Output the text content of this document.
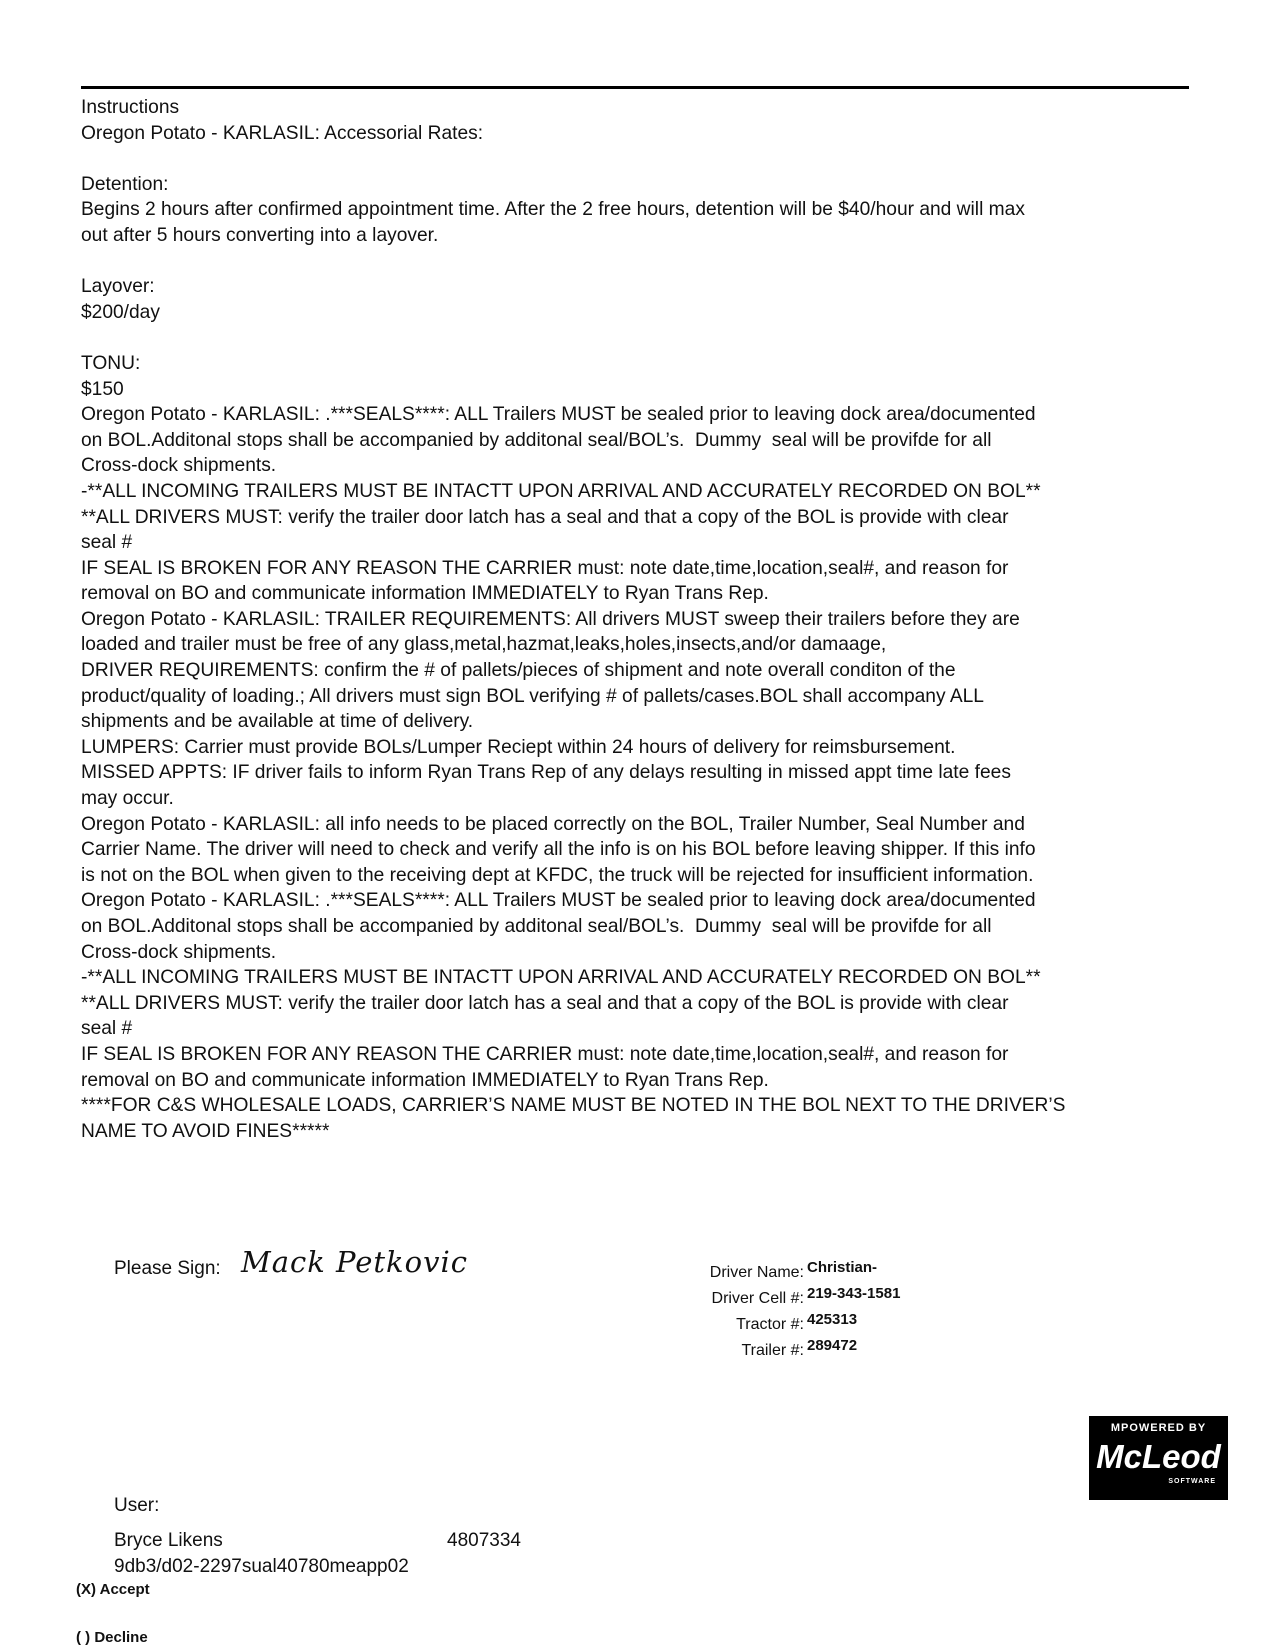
Instructions
Oregon Potato - KARLASIL: Accessorial Rates:
Detention:
Begins 2 hours after confirmed appointment time. After the 2 free hours, detention will be $40/hour and will max
out after 5 hours converting into a layover.
Layover:
$200/day
TONU:
$150
Oregon Potato - KARLASIL: .***SEALS****: ALL Trailers MUST be sealed prior to leaving dock area/documented
on BOL.Additonal stops shall be accompanied by additonal seal/BOL’s.  Dummy  seal will be provifde for all
Cross-dock shipments.
-**ALL INCOMING TRAILERS MUST BE INTACTT UPON ARRIVAL AND ACCURATELY RECORDED ON BOL**
**ALL DRIVERS MUST: verify the trailer door latch has a seal and that a copy of the BOL is provide with clear
seal #
IF SEAL IS BROKEN FOR ANY REASON THE CARRIER must: note date,time,location,seal#, and reason for
removal on BO and communicate information IMMEDIATELY to Ryan Trans Rep.
Oregon Potato - KARLASIL: TRAILER REQUIREMENTS: All drivers MUST sweep their trailers before they are
loaded and trailer must be free of any glass,metal,hazmat,leaks,holes,insects,and/or damaage,
DRIVER REQUIREMENTS: confirm the # of pallets/pieces of shipment and note overall conditon of the
product/quality of loading.; All drivers must sign BOL verifying # of pallets/cases.BOL shall accompany ALL
shipments and be available at time of delivery.
LUMPERS: Carrier must provide BOLs/Lumper Reciept within 24 hours of delivery for reimsbursement.
MISSED APPTS: IF driver fails to inform Ryan Trans Rep of any delays resulting in missed appt time late fees
may occur.
Oregon Potato - KARLASIL: all info needs to be placed correctly on the BOL, Trailer Number, Seal Number and
Carrier Name. The driver will need to check and verify all the info is on his BOL before leaving shipper. If this info
is not on the BOL when given to the receiving dept at KFDC, the truck will be rejected for insufficient information.
Oregon Potato - KARLASIL: .***SEALS****: ALL Trailers MUST be sealed prior to leaving dock area/documented
on BOL.Additonal stops shall be accompanied by additonal seal/BOL’s.  Dummy  seal will be provifde for all
Cross-dock shipments.
-**ALL INCOMING TRAILERS MUST BE INTACTT UPON ARRIVAL AND ACCURATELY RECORDED ON BOL**
**ALL DRIVERS MUST: verify the trailer door latch has a seal and that a copy of the BOL is provide with clear
seal #
IF SEAL IS BROKEN FOR ANY REASON THE CARRIER must: note date,time,location,seal#, and reason for
removal on BO and communicate information IMMEDIATELY to Ryan Trans Rep.
****FOR C&S WHOLESALE LOADS, CARRIER’S NAME MUST BE NOTED IN THE BOL NEXT TO THE DRIVER’S
NAME TO AVOID FINES*****
Please Sign: Mack Petkovic	Driver Name: Christian-
Driver Cell #: 219-343-1581
Tractor #: 425313
Trailer #: 289472
MPOWERED BY
McLeod
SOFTWARE
User:
Bryce Likens	4807334
9db3/d02-2297sual40780meapp02
(X) Accept
( ) Decline
